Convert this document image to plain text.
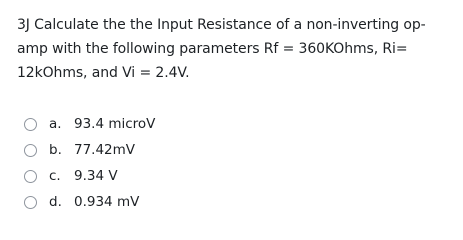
3J Calculate the the Input Resistance of a non-inverting op-amp with the following parameters Rf = 360KOhms, Ri= 12kOhms, and Vi = 2.4V.

a. 93.4 microV
b. 77.42mV
c. 9.34 V
d. 0.934 mV
